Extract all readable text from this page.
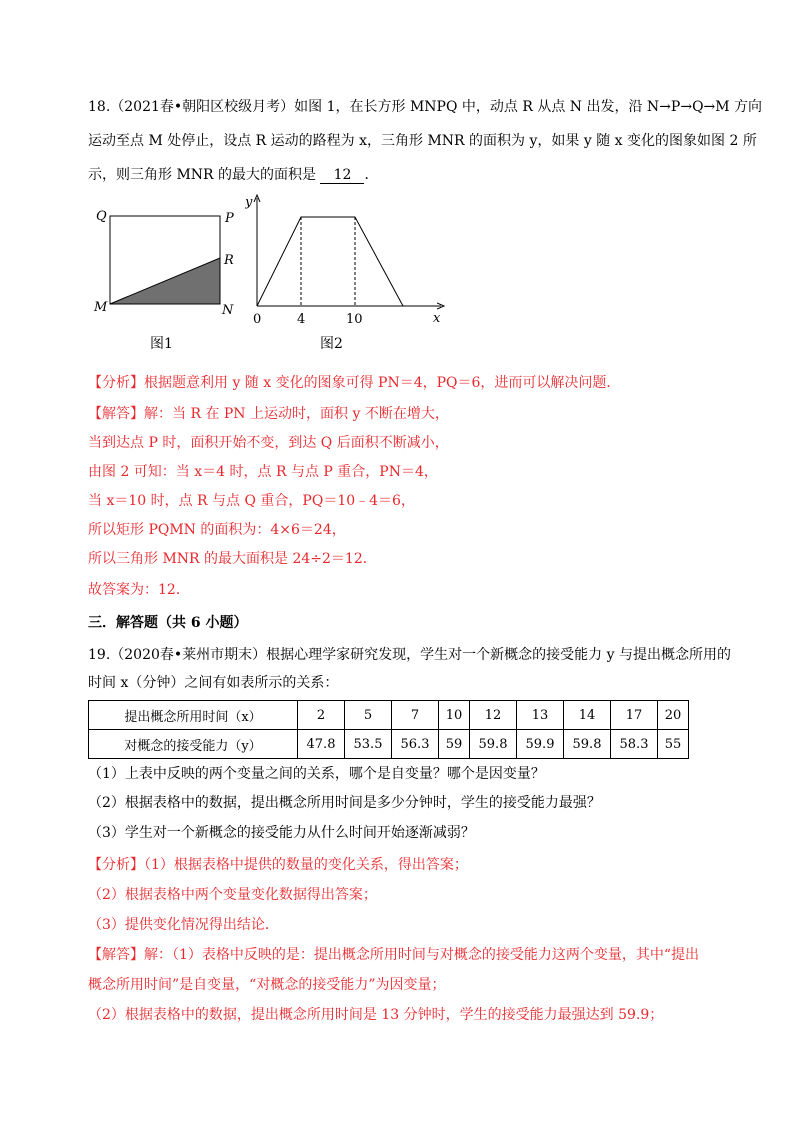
18.（2021春•朝阳区校级月考）如图 1，在长方形 MNPQ 中，动点 R 从点 N 出发，沿 N→P→Q→M 方向
运动至点 M 处停止，设点 R 运动的路程为 x，三角形 MNR 的面积为 y，如果 y 随 x 变化的图象如图 2 所
示，则三角形 MNR 的最大的面积是 12 ．
Q	P
R
M	N
图1
y
x
0	4	10
图2
【分析】根据题意利用 y 随 x 变化的图象可得 PN＝4，PQ＝6，进而可以解决问题．
【解答】解：当 R 在 PN 上运动时，面积 y 不断在增大，
当到达点 P 时，面积开始不变，到达 Q 后面积不断减小，
由图 2 可知：当 x＝4 时，点 R 与点 P 重合，PN＝4，
当 x＝10 时，点 R 与点 Q 重合，PQ＝10﹣4＝6，
所以矩形 PQMN 的面积为：4×6＝24，
所以三角形 MNR 的最大面积是 24÷2＝12．
故答案为：12．
三．解答题（共 6 小题）
19.（2020春•莱州市期末）根据心理学家研究发现，学生对一个新概念的接受能力 y 与提出概念所用的
提出概念所用时间（x）	2	5	7	10	12	13	14	17	20
对概念的接受能力（y）	47.8	53.5	56.3	59	59.8	59.9	59.8	58.3	55
（1）上表中反映的两个变量之间的关系，哪个是自变量？哪个是因变量？
（2）根据表格中的数据，提出概念所用时间是多少分钟时，学生的接受能力最强？
（3）学生对一个新概念的接受能力从什么时间开始逐渐减弱？
【分析】（1）根据表格中提供的数量的变化关系，得出答案；
（2）根据表格中两个变量变化数据得出答案；
（3）提供变化情况得出结论．
【解答】解：（1）表格中反映的是：提出概念所用时间与对概念的接受能力这两个变量，其中“提出
概念所用时间”是自变量，“对概念的接受能力”为因变量；
（2）根据表格中的数据，提出概念所用时间是 13 分钟时，学生的接受能力最强达到 59.9；
时间 x（分钟）之间有如表所示的关系：
